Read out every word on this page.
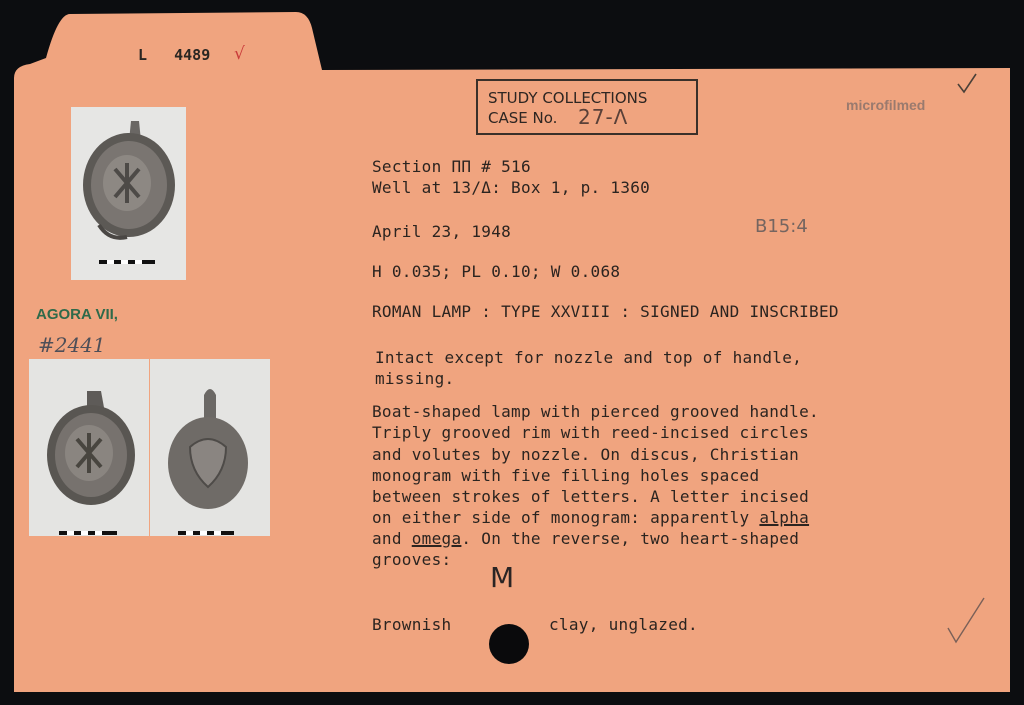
L 4489 √
STUDY COLLECTIONS
CASE No. 27-Λ	microfilmed
AGORA VII,
#2441
Section ΠΠ # 516
Well at 13/Δ: Box 1, p. 1360
April 23, 1948	B15:4
H 0.035; PL 0.10; W 0.068
ROMAN LAMP : TYPE XXVIII : SIGNED AND INSCRIBED
Intact except for nozzle and top of handle,
missing.
Boat-shaped lamp with pierced grooved handle.
Triply grooved rim with reed-incised circles
and volutes by nozzle. On discus, Christian
monogram with five filling holes spaced
between strokes of letters. A letter incised
on either side of monogram: apparently alpha
and omega. On the reverse, two heart-shaped
grooves:
M
Brownish	clay, unglazed.
